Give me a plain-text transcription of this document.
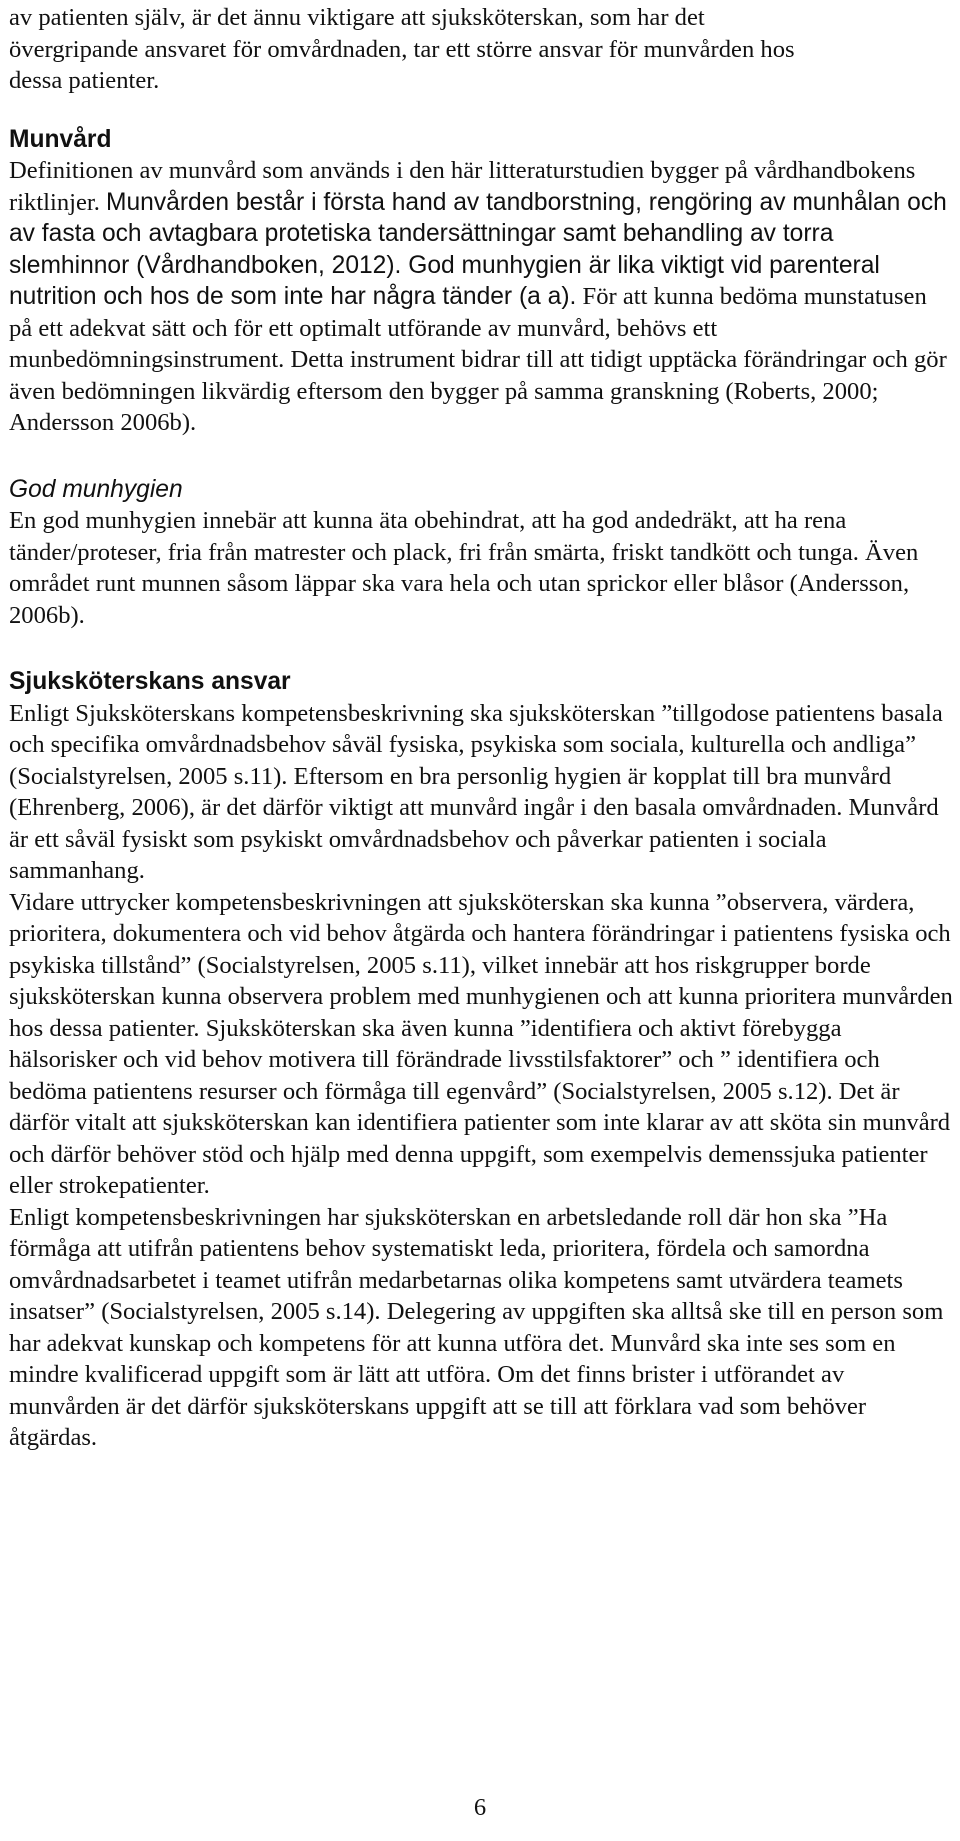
av patienten själv, är det ännu viktigare att sjuksköterskan, som har det
övergripande ansvaret för omvårdnaden, tar ett större ansvar för munvården hos
dessa patienter.

Munvård

Definitionen av munvård som används i den här litteraturstudien bygger på vårdhandbokens riktlinjer. Munvården består i första hand av tandborstning, rengöring av munhålan och av fasta och avtagbara protetiska tandersättningar samt behandling av torra slemhinnor (Vårdhandboken, 2012). God munhygien är lika viktigt vid parenteral nutrition och hos de som inte har några tänder (a a). För att kunna bedöma munstatusen på ett adekvat sätt och för ett optimalt utförande av munvård, behövs ett munbedömningsinstrument. Detta instrument bidrar till att tidigt upptäcka förändringar och gör även bedömningen likvärdig eftersom den bygger på samma granskning (Roberts, 2000; Andersson 2006b).

God munhygien

En god munhygien innebär att kunna äta obehindrat, att ha god andedräkt, att ha rena tänder/proteser, fria från matrester och plack, fri från smärta, friskt tandkött och tunga. Även området runt munnen såsom läppar ska vara hela och utan sprickor eller blåsor (Andersson, 2006b).

Sjuksköterskans ansvar

Enligt Sjuksköterskans kompetensbeskrivning ska sjuksköterskan ”tillgodose patientens basala och specifika omvårdnadsbehov såväl fysiska, psykiska som sociala, kulturella och andliga” (Socialstyrelsen, 2005 s.11). Eftersom en bra personlig hygien är kopplat till bra munvård (Ehrenberg, 2006), är det därför viktigt att munvård ingår i den basala omvårdnaden. Munvård är ett såväl fysiskt som psykiskt omvårdnadsbehov och påverkar patienten i sociala sammanhang.

Vidare uttrycker kompetensbeskrivningen att sjuksköterskan ska kunna ”observera, värdera, prioritera, dokumentera och vid behov åtgärda och hantera förändringar i patientens fysiska och psykiska tillstånd” (Socialstyrelsen, 2005 s.11), vilket innebär att hos riskgrupper borde sjuksköterskan kunna observera problem med munhygienen och att kunna prioritera munvården hos dessa patienter. Sjuksköterskan ska även kunna ”identifiera och aktivt förebygga hälsorisker och vid behov motivera till förändrade livsstilsfaktorer” och ” identifiera och bedöma patientens resurser och förmåga till egenvård” (Socialstyrelsen, 2005 s.12). Det är därför vitalt att sjuksköterskan kan identifiera patienter som inte klarar av att sköta sin munvård och därför behöver stöd och hjälp med denna uppgift, som exempelvis demenssjuka patienter eller strokepatienter.

Enligt kompetensbeskrivningen har sjuksköterskan en arbetsledande roll där hon ska ”Ha förmåga att utifrån patientens behov systematiskt leda, prioritera, fördela och samordna omvårdnadsarbetet i teamet utifrån medarbetarnas olika kompetens samt utvärdera teamets insatser” (Socialstyrelsen, 2005 s.14). Delegering av uppgiften ska alltså ske till en person som har adekvat kunskap och kompetens för att kunna utföra det. Munvård ska inte ses som en mindre kvalificerad uppgift som är lätt att utföra. Om det finns brister i utförandet av munvården är det därför sjuksköterskans uppgift att se till att förklara vad som behöver åtgärdas.

6
